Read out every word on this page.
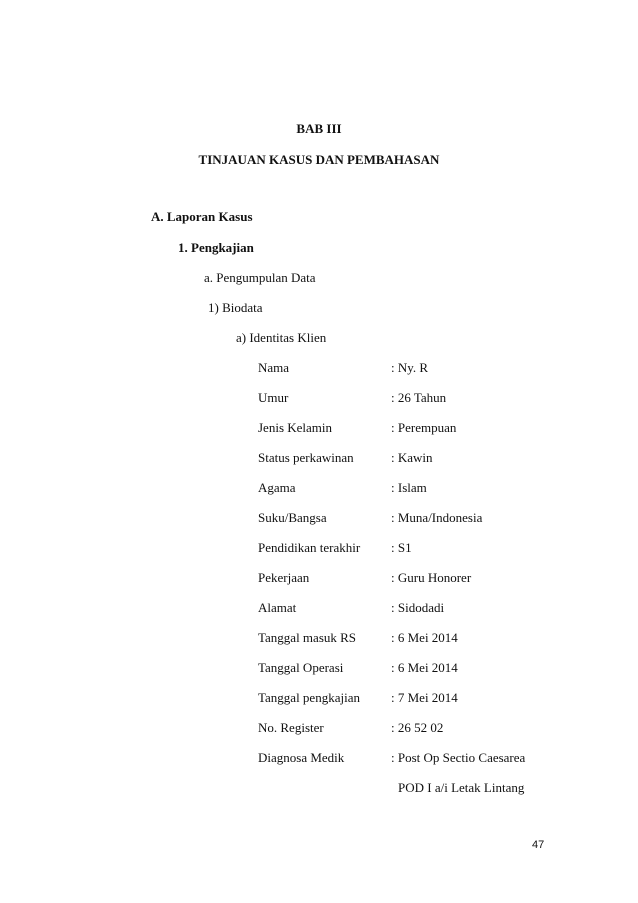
BAB III
TINJAUAN KASUS DAN PEMBAHASAN
A. Laporan Kasus
1. Pengkajian
a. Pengumpulan Data
1) Biodata
a) Identitas Klien
Nama	: Ny. R
Umur	: 26 Tahun
Jenis Kelamin	: Perempuan
Status perkawinan	: Kawin
Agama	: Islam
Suku/Bangsa	: Muna/Indonesia
Pendidikan terakhir : S1
Pekerjaan	: Guru Honorer
Alamat	: Sidodadi
Tanggal masuk RS	: 6 Mei 2014
Tanggal Operasi	: 6 Mei 2014
Tanggal pengkajian : 7 Mei 2014
No. Register	: 26 52 02
Diagnosa Medik	: Post Op Sectio Caesarea
POD I a/i Letak Lintang
47
